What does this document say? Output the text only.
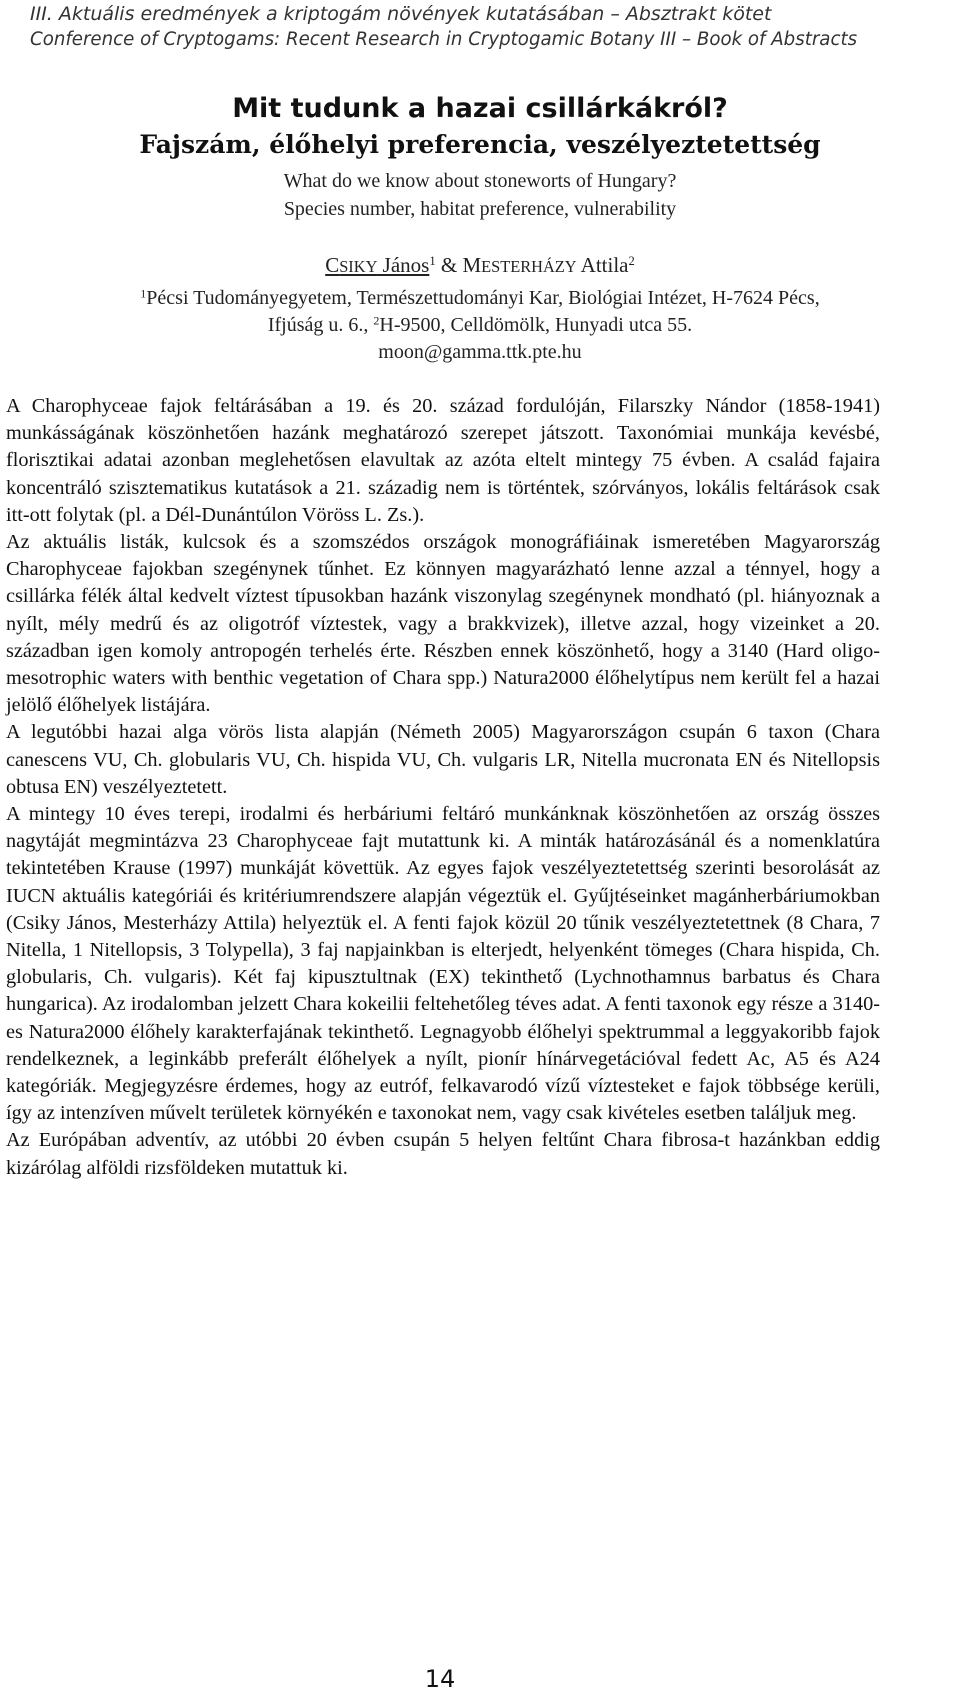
III. Aktuális eredmények a kriptogám növények kutatásában – Absztrakt kötet
Conference of Cryptogams: Recent Research in Cryptogamic Botany III – Book of Abstracts
Mit tudunk a hazai csillárkákról?
Fajszám, élőhelyi preferencia, veszélyeztetettség
What do we know about stoneworts of Hungary?
Species number, habitat preference, vulnerability
CSIKY János$^1$ & MESTERHÁZY Attila$^2$
$^1$Pécsi Tudományegyetem, Természettudományi Kar, Biológiai Intézet, H-7624 Pécs,
Ifjúság u. 6., $^2$H-9500, Celldömölk, Hunyadi utca 55.
moon@gamma.ttk.pte.hu

A Charophyceae fajok feltárásában a 19. és 20. század fordulóján, Filarszky Nándor (1858-1941) munkásságának köszönhetően hazánk meghatározó szerepet játszott. Taxonómiai munkája kevésbé, florisztikai adatai azonban meglehetősen elavultak az azóta eltelt mintegy 75 évben. A család fajaira koncentráló szisztematikus kutatások a 21. századig nem is történtek, szórványos, lokális feltárások csak itt-ott folytak (pl. a Dél-Dunántúlon Vöröss L. Zs.).

Az aktuális listák, kulcsok és a szomszédos országok monográfiáinak ismeretében Magyarország Charophyceae fajokban szegénynek tűnhet. Ez könnyen magyarázható lenne azzal a ténnyel, hogy a csillárka félék által kedvelt víztest típusokban hazánk viszonylag szegénynek mondható (pl. hiányoznak a nyílt, mély medrű és az oligotróf víztestek, vagy a brakkvizek), illetve azzal, hogy vizeinket a 20. században igen komoly antropogén terhelés érte. Részben ennek köszönhető, hogy a 3140 (Hard oligo-mesotrophic waters with benthic vegetation of Chara spp.) Natura2000 élőhelytípus nem került fel a hazai jelölő élőhelyek listájára.

A legutóbbi hazai alga vörös lista alapján (Németh 2005) Magyarországon csupán 6 taxon (Chara canescens VU, Ch. globularis VU, Ch. hispida VU, Ch. vulgaris LR, Nitella mucronata EN és Nitellopsis obtusa EN) veszélyeztetett.

A mintegy 10 éves terepi, irodalmi és herbáriumi feltáró munkánknak köszönhetően az ország összes nagytáját megmintázva 23 Charophyceae fajt mutattunk ki. A minták határozásánál és a nomenklatúra tekintetében Krause (1997) munkáját követtük. Az egyes fajok veszélyeztetettség szerinti besorolását az IUCN aktuális kategóriái és kritériumrendszere alapján végeztük el. Gyűjtéseinket magánherbáriumokban (Csiky János, Mesterházy Attila) helyeztük el. A fenti fajok közül 20 tűnik veszélyeztetettnek (8 Chara, 7 Nitella, 1 Nitellopsis, 3 Tolypella), 3 faj napjainkban is elterjedt, helyenként tömeges (Chara hispida, Ch. globularis, Ch. vulgaris). Két faj kipusztultnak (EX) tekinthető (Lychnothamnus barbatus és Chara hungarica). Az irodalomban jelzett Chara kokeilii feltehetőleg téves adat. A fenti taxonok egy része a 3140-es Natura2000 élőhely karakterfajának tekinthető. Legnagyobb élőhelyi spektrummal a leggyakoribb fajok rendelkeznek, a leginkább preferált élőhelyek a nyílt, pionír hínárvegetációval fedett Ac, A5 és A24 kategóriák. Megjegyzésre érdemes, hogy az eutróf, felkavarodó vízű víztesteket e fajok többsége kerüli, így az intenzíven művelt területek környékén e taxonokat nem, vagy csak kivételes esetben találjuk meg.

Az Európában adventív, az utóbbi 20 évben csupán 5 helyen feltűnt Chara fibrosa-t hazánkban eddig kizárólag alföldi rizsföldeken mutattuk ki.

14
